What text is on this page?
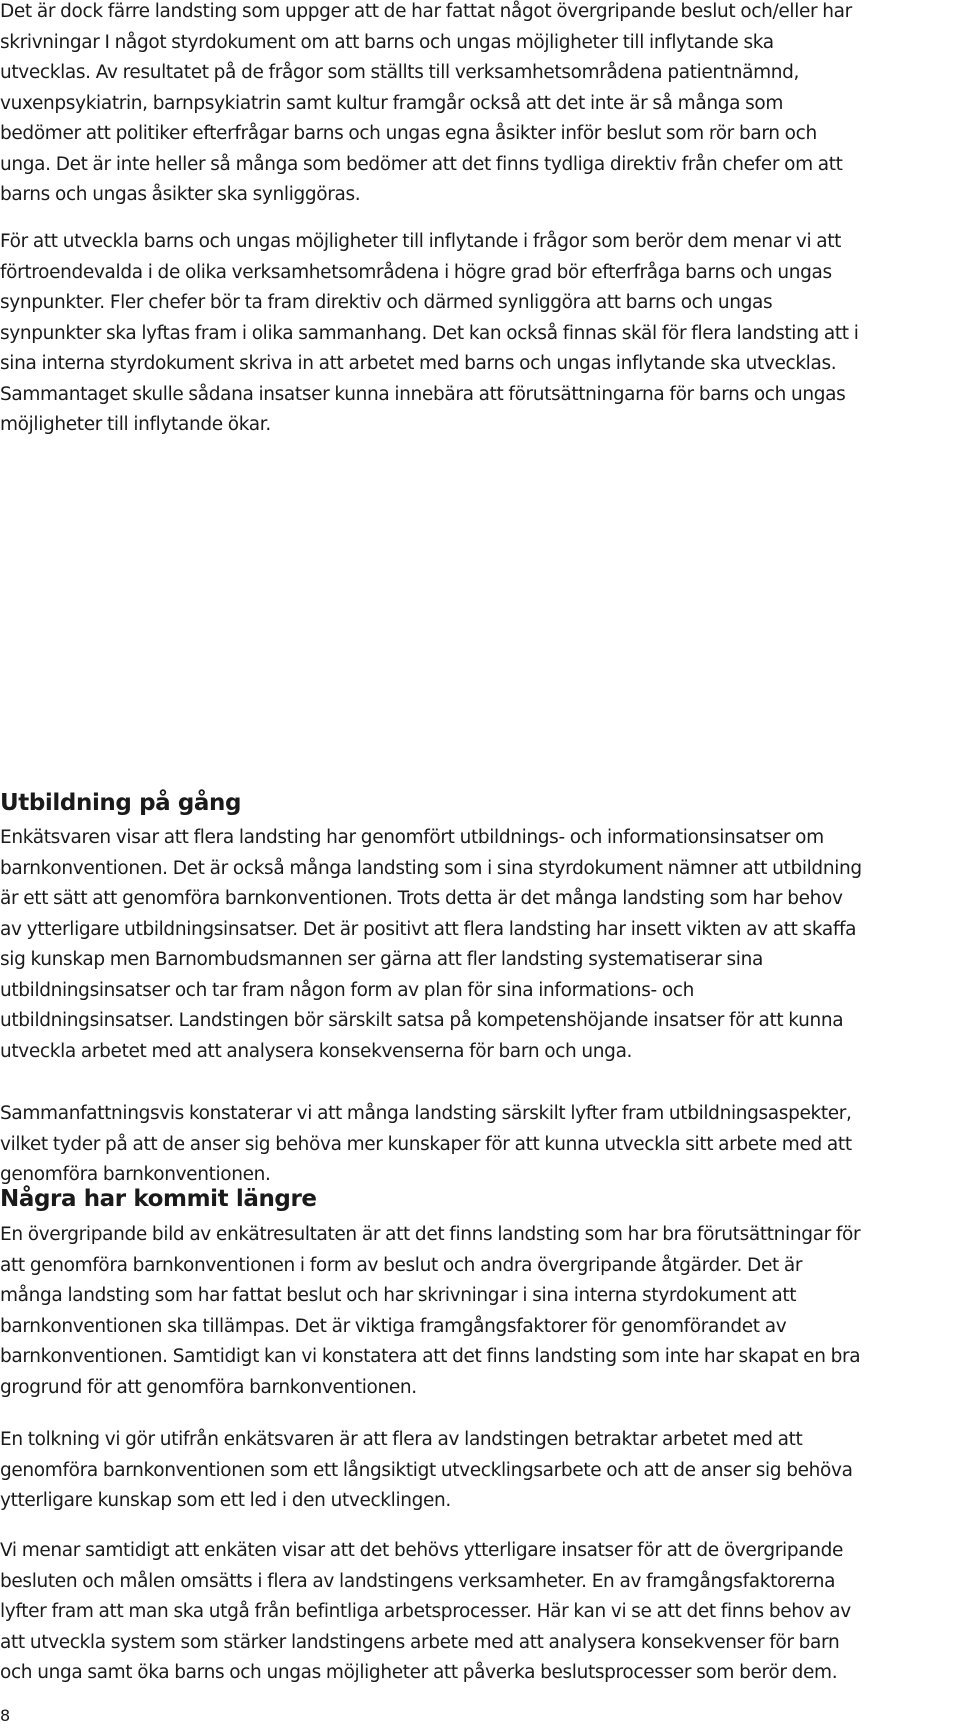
Det är dock färre landsting som uppger att de har fattat något övergripande beslut och/eller har skrivningar I något styrdokument om att barns och ungas möjligheter till inflytande ska utvecklas. Av resultatet på de frågor som ställts till verksamhetsområdena patientnämnd, vuxenpsykiatrin, barnpsykiatrin samt kultur framgår också att det inte är så många som bedömer att politiker efterfrågar barns och ungas egna åsikter inför beslut som rör barn och unga. Det är inte heller så många som bedömer att det finns tydliga direktiv från chefer om att barns och ungas åsikter ska synliggöras.

För att utveckla barns och ungas möjligheter till inflytande i frågor som berör dem menar vi att förtroendevalda i de olika verksamhetsområdena i högre grad bör efterfråga barns och ungas synpunkter. Fler chefer bör ta fram direktiv och därmed synliggöra att barns och ungas synpunkter ska lyftas fram i olika sammanhang. Det kan också finnas skäl för flera landsting att i sina interna styrdokument skriva in att arbetet med barns och ungas inflytande ska utvecklas. Sammantaget skulle sådana insatser kunna innebära att förutsättningarna för barns och ungas möjligheter till inflytande ökar.

Utbildning på gång

Enkätsvaren visar att flera landsting har genomfört utbildnings- och informationsinsatser om barnkonventionen. Det är också många landsting som i sina styrdokument nämner att utbildning är ett sätt att genomföra barnkonventionen. Trots detta är det många landsting som har behov av ytterligare utbildningsinsatser. Det är positivt att flera landsting har insett vikten av att skaffa sig kunskap men Barnombudsmannen ser gärna att fler landsting systematiserar sina utbildningsinsatser och tar fram någon form av plan för sina informations- och utbildningsinsatser. Landstingen bör särskilt satsa på kompetenshöjande insatser för att kunna utveckla arbetet med att analysera konsekvenserna för barn och unga.

Sammanfattningsvis konstaterar vi att många landsting särskilt lyfter fram utbildningsaspekter, vilket tyder på att de anser sig behöva mer kunskaper för att kunna utveckla sitt arbete med att genomföra barnkonventionen.

Några har kommit längre

En övergripande bild av enkätresultaten är att det finns landsting som har bra förutsättningar för att genomföra barnkonventionen i form av beslut och andra övergripande åtgärder. Det är många landsting som har fattat beslut och har skrivningar i sina interna styrdokument att barnkonventionen ska tillämpas. Det är viktiga framgångsfaktorer för genomförandet av barnkonventionen. Samtidigt kan vi konstatera att det finns landsting som inte har skapat en bra grogrund för att genomföra barnkonventionen.

En tolkning vi gör utifrån enkätsvaren är att flera av landstingen betraktar arbetet med att genomföra barnkonventionen som ett långsiktigt utvecklingsarbete och att de anser sig behöva ytterligare kunskap som ett led i den utvecklingen.

Vi menar samtidigt att enkäten visar att det behövs ytterligare insatser för att de övergripande besluten och målen omsätts i flera av landstingens verksamheter. En av framgångsfaktorerna lyfter fram att man ska utgå från befintliga arbetsprocesser. Här kan vi se att det finns behov av att utveckla system som stärker landstingens arbete med att analysera konsekvenser för barn och unga samt öka barns och ungas möjligheter att påverka beslutsprocesser som berör dem.

8
